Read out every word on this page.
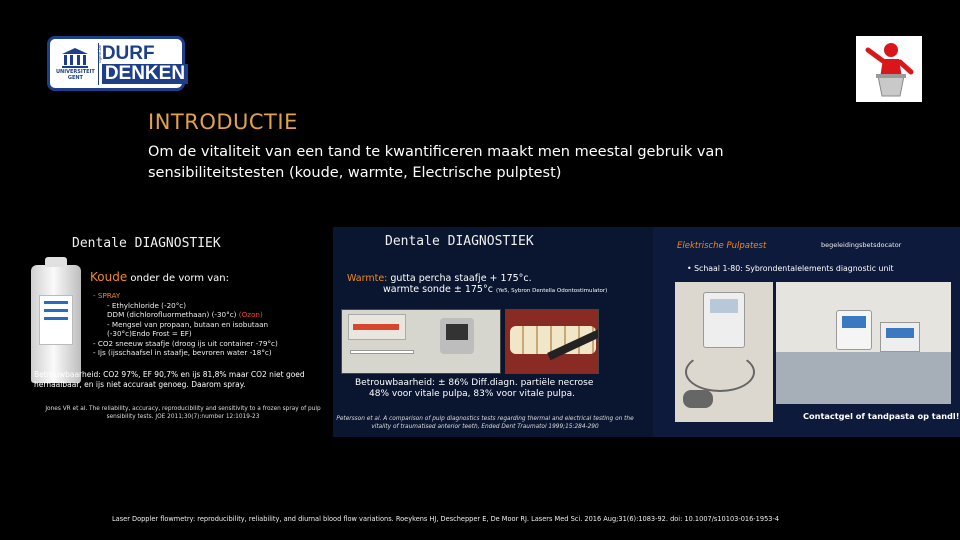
UNIVERSITEIT GENT
ugent.be DURF
DENKEN
INTRODUCTIE
Om de vitaliteit van een tand te kwantificeren maakt men meestal gebruik van sensibiliteitstesten (koude, warmte, Electrische pulptest)
Dentale DIAGNOSTIEK
Koude onder de vorm van:
- SPRAY
- Ethylchloride (-20°c)
DDM (dichlorofluormethaan) (-30°c) (Ozon)
- Mengsel van propaan, butaan en isobutaan
(-30°c)Endo Frost = EF)
- CO2 sneeuw staafje (droog ijs uit container -79°c)
- Ijs (ijsschaafsel in staafje, bevroren water -18°c)
Betrouwbaarheid: CO2 97%, EF 90,7% en ijs 81,8% maar CO2 niet goed herhaalbaar, en ijs niet accuraat genoeg. Daarom spray.
Jones VR et al. The reliability, accuracy, reproducibility and sensitivity to a frozen spray of pulp sensibility tests. JOE 2011;30(7):number 12:1019-23
Dentale DIAGNOSTIEK
Warmte: gutta percha staafje + 175°c.
warmte sonde ± 175°c (Ye5, Sybron Dentella Odontostimulator)
Betrouwbaarheid: ± 86% Diff.diagn. partiële necrose
48% voor vitale pulpa, 83% voor vitale pulpa.
Petersson et al. A comparison of pulp diagnostics tests regarding thermal and electrical testing on the vitality of traumatised anterior teeth, Ended Dent Traumatol 1999;15:284-290
Elektrische Pulpatest	begeleidingsbetsdocator
• Schaal 1-80: Sybrondentalelements diagnostic unit
Contactgel of tandpasta op tandl!
Laser Doppler flowmetry: reproducibility, reliability, and diurnal blood flow variations. Roeykens HJ, Deschepper E, De Moor RJ. Lasers Med Sci. 2016 Aug;31(6):1083-92. doi: 10.1007/s10103-016-1953-4
